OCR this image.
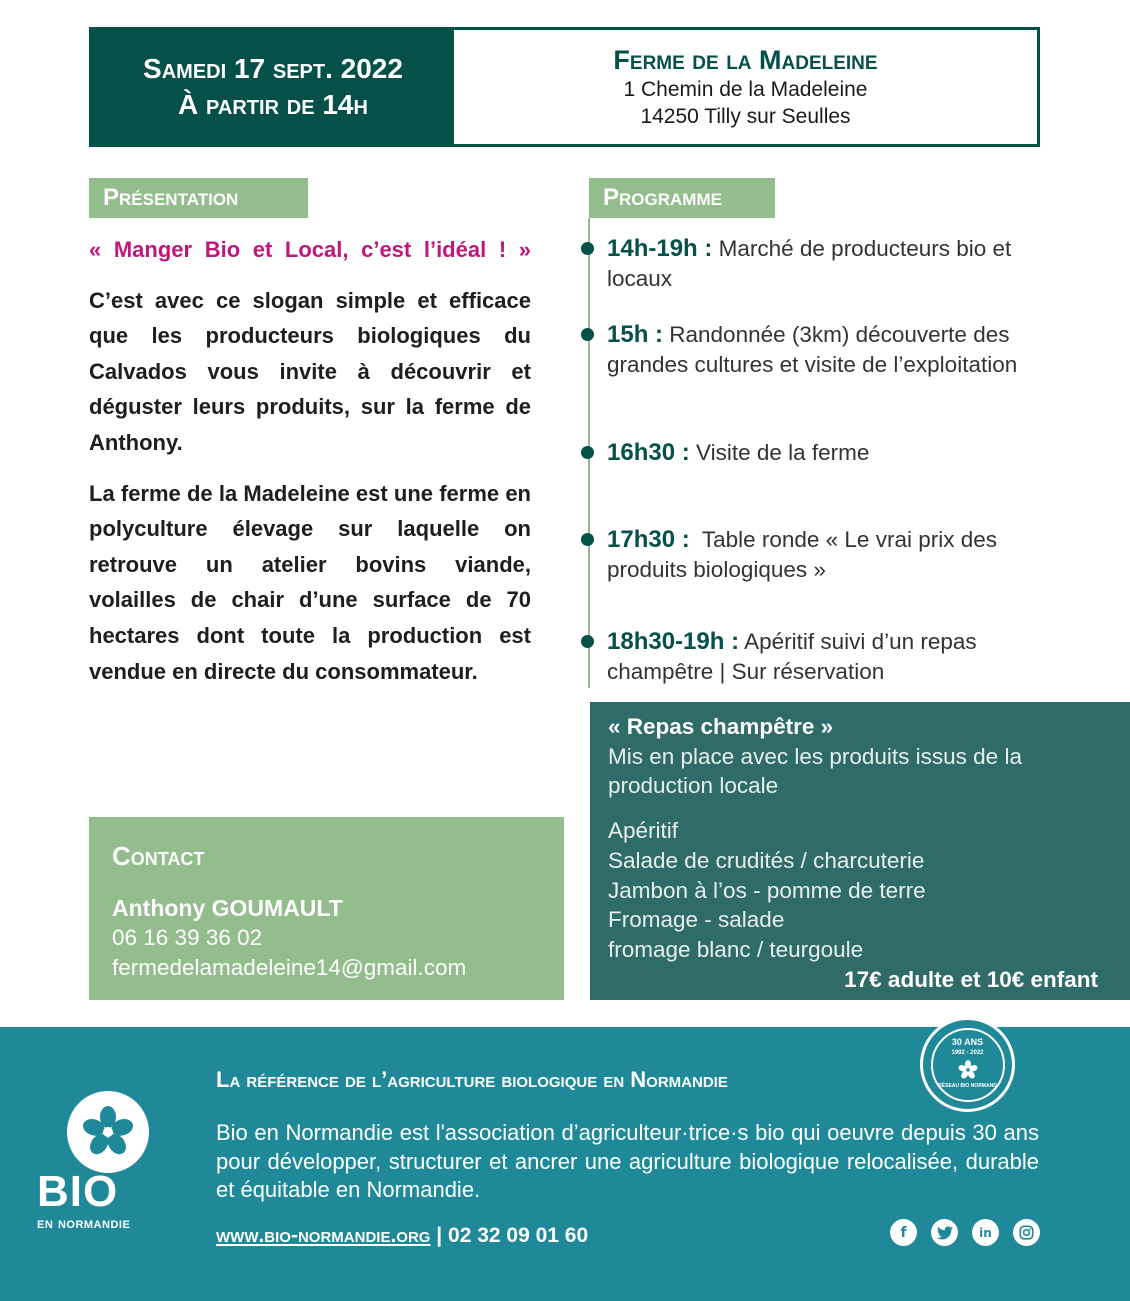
Samedi 17 sept. 2022
À partir de 14h
Ferme de la Madeleine
1 Chemin de la Madeleine
14250 Tilly sur Seulles
Présentation

« Manger Bio et Local, c’est l’idéal ! »

C’est avec ce slogan simple et efficace que les producteurs biologiques du Calvados vous invite à découvrir et déguster leurs produits, sur la ferme de Anthony.

La ferme de la Madeleine est une ferme en polyculture élevage sur laquelle on retrouve un atelier bovins viande, volailles de chair d’une surface de 70 hectares dont toute la production est vendue en directe du consommateur.

Programme
14h-19h : Marché de producteurs bio et locaux
15h : Randonnée (3km) découverte des grandes cultures et visite de l’exploitation
16h30 : Visite de la ferme
17h30 :  Table ronde « Le vrai prix des produits biologiques »
18h30-19h : Apéritif suivi d’un repas champêtre | Sur réservation
« Repas champêtre »
Mis en place avec les produits issus de la production locale
Apéritif
Salade de crudités / charcuterie
Jambon à l’os - pomme de terre
Fromage - salade
fromage blanc / teurgoule
17€ adulte et 10€ enfant
Contact
Anthony GOUMAULT
06 16 39 36 02
fermedelamadeleine14@gmail.com
BIO
en normandie
30 ANS
1992 - 2022
RÉSEAU BIO NORMAND
La référence de l’agriculture biologique en Normandie
Bio en Normandie est l'association d’agriculteur·trice·s bio qui oeuvre depuis 30 ans pour développer, structurer et ancrer une agriculture biologique relocalisée, durable et équitable en Normandie.
www.bio-normandie.org | 02 32 09 01 60	f	in
